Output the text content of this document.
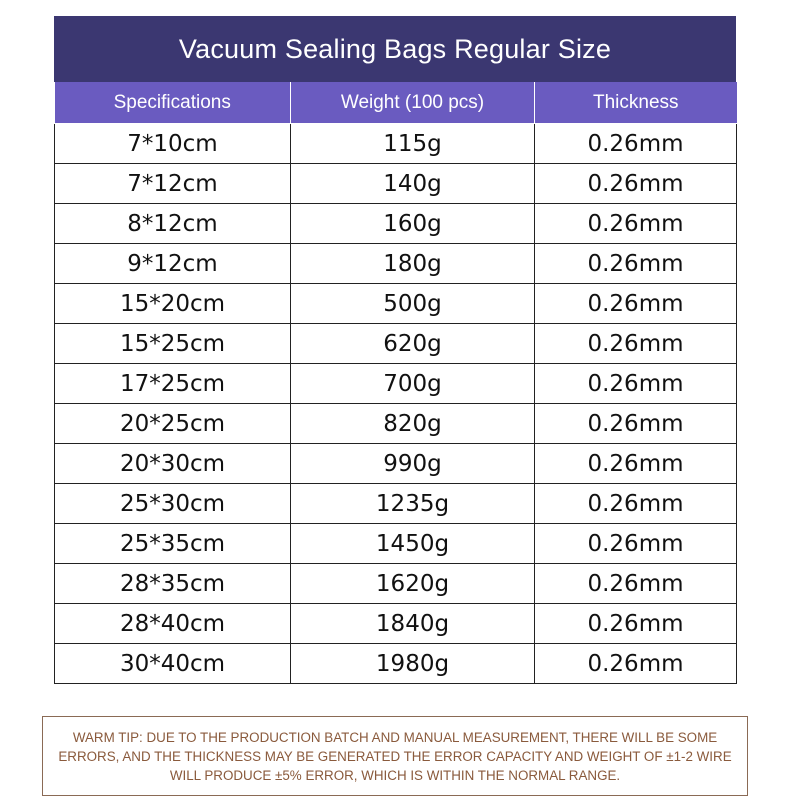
Vacuum Sealing Bags Regular Size
Specifications	Weight (100 pcs)	Thickness
7*10cm	115g	0.26mm
7*12cm	140g	0.26mm
8*12cm	160g	0.26mm
9*12cm	180g	0.26mm
15*20cm	500g	0.26mm
15*25cm	620g	0.26mm
17*25cm	700g	0.26mm
20*25cm	820g	0.26mm
20*30cm	990g	0.26mm
25*30cm	1235g	0.26mm
25*35cm	1450g	0.26mm
28*35cm	1620g	0.26mm
28*40cm	1840g	0.26mm
30*40cm	1980g	0.26mm
WARM TIP: DUE TO THE PRODUCTION BATCH AND MANUAL MEASUREMENT, THERE WILL BE SOME ERRORS, AND THE THICKNESS MAY BE GENERATED THE ERROR CAPACITY AND WEIGHT OF ±1-2 WIRE WILL PRODUCE ±5% ERROR, WHICH IS WITHIN THE NORMAL RANGE.
